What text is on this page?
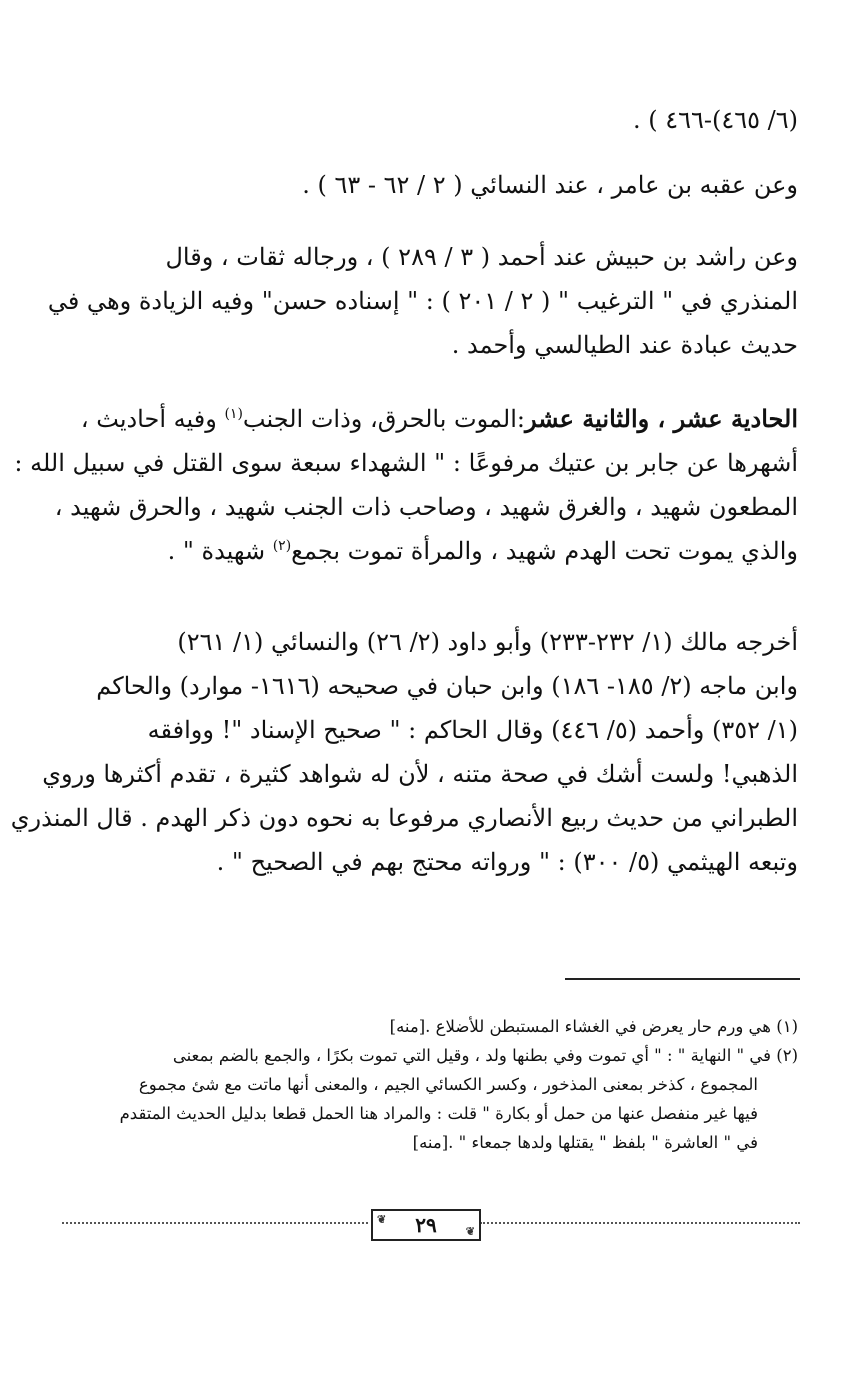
(٦/ ٤٦٥)-٤٦٦ ) .
وعن عقبه بن عامر ، عند النسائي ( ٢ / ٦٢ - ٦٣ ) .
وعن راشد بن حبيش عند أحمد ( ٣ / ٢٨٩ ) ، ورجاله ثقات ، وقال
المنذري في " الترغيب " ( ٢ / ٢٠١ ) : " إسناده حسن" وفيه الزيادة وهي في
حديث عبادة عند الطيالسي وأحمد .
الحادية عشر ، والثانية عشر:الموت بالحرق، وذات الجنب$^{(١)}$ وفيه أحاديث ،
أشهرها عن جابر بن عتيك مرفوعًا : " الشهداء سبعة سوى القتل في سبيل الله :
المطعون شهيد ، والغرق شهيد ، وصاحب ذات الجنب شهيد ، والحرق شهيد ،
والذي يموت تحت الهدم شهيد ، والمرأة تموت بجمع$^{(٢)}$ شهيدة " .
أخرجه مالك (١/ ٢٣٢-٢٣٣) وأبو داود (٢/ ٢٦) والنسائي (١/ ٢٦١)
وابن ماجه (٢/ ١٨٥- ١٨٦) وابن حبان في صحيحه (١٦١٦- موارد) والحاكم
(١/ ٣٥٢) وأحمد (٥/ ٤٤٦) وقال الحاكم : " صحيح الإسناد "! ووافقه
الذهبي! ولست أشك في صحة متنه ، لأن له شواهد كثيرة ، تقدم أكثرها وروي
الطبراني من حديث ربيع الأنصاري مرفوعا به نحوه دون ذكر الهدم . قال المنذري
وتبعه الهيثمي (٥/ ٣٠٠) : " ورواته محتج بهم في الصحيح " .
(١) هي ورم حار يعرض في الغشاء المستبطن للأضلاع .[منه]
(٢) في " النهاية " : " أي تموت وفي بطنها ولد ، وقيل التي تموت بكرًا ، والجمع بالضم بمعنى
المجموع ، كذخر بمعنى المذخور ، وكسر الكسائي الجيم ، والمعنى أنها ماتت مع شئ مجموع
فيها غير منفصل عنها من حمل أو بكارة " قلت : والمراد هنا الحمل قطعا بدليل الحديث المتقدم
في " العاشرة " بلفظ " يقتلها ولدها جمعاء " .[منه]
❦ ٢٩	❦
